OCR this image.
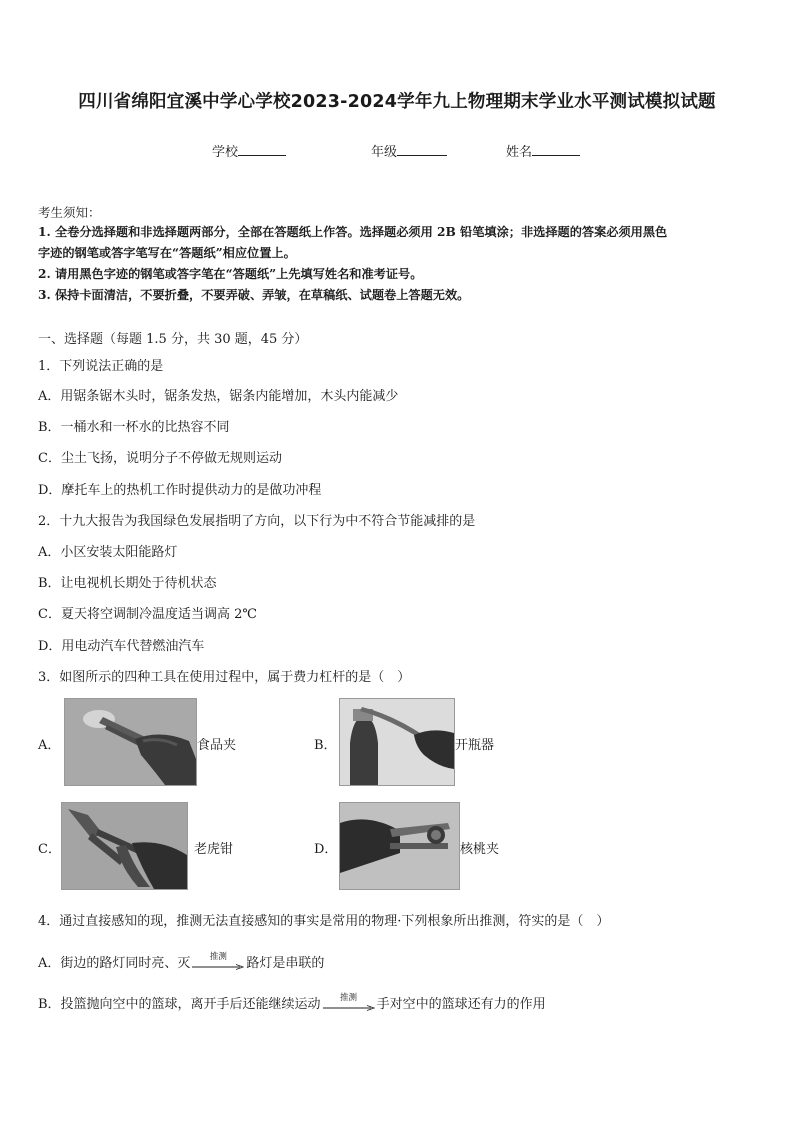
四川省绵阳宜溪中学心学校2023-2024学年九上物理期末学业水平测试模拟试题
学校	年级	姓名
考生须知：
1. 全卷分选择题和非选择题两部分，全部在答题纸上作答。选择题必须用 2B 铅笔填涂；非选择题的答案必须用黑色
字迹的钢笔或答字笔写在“答题纸”相应位置上。
2. 请用黑色字迹的钢笔或答字笔在“答题纸”上先填写姓名和准考证号。
3. 保持卡面清洁，不要折叠，不要弄破、弄皱，在草稿纸、试题卷上答题无效。
一、选择题（每题 1.5 分，共 30 题，45 分）
1．下列说法正确的是
A．用锯条锯木头时，锯条发热，锯条内能增加，木头内能减少
B．一桶水和一杯水的比热容不同
C．尘土飞扬，说明分子不停做无规则运动
D．摩托车上的热机工作时提供动力的是做功冲程
2．十九大报告为我国绿色发展指明了方向，以下行为中不符合节能减排的是
A．小区安装太阳能路灯
B．让电视机长期处于待机状态
C．夏天将空调制冷温度适当调高 2℃
D．用电动汽车代替燃油汽车
3．如图所示的四种工具在使用过程中，属于费力杠杆的是（　）
A．	食品夹	B．	开瓶器
C．	老虎钳	D．	核桃夹
4．通过直接感知的现，推测无法直接感知的事实是常用的物理·下列根象所出推测，符实的是（　）
A．街边的路灯同时亮、灭	推测	路灯是串联的
B．投篮抛向空中的篮球，离开手后还能继续运动	推测	手对空中的篮球还有力的作用
